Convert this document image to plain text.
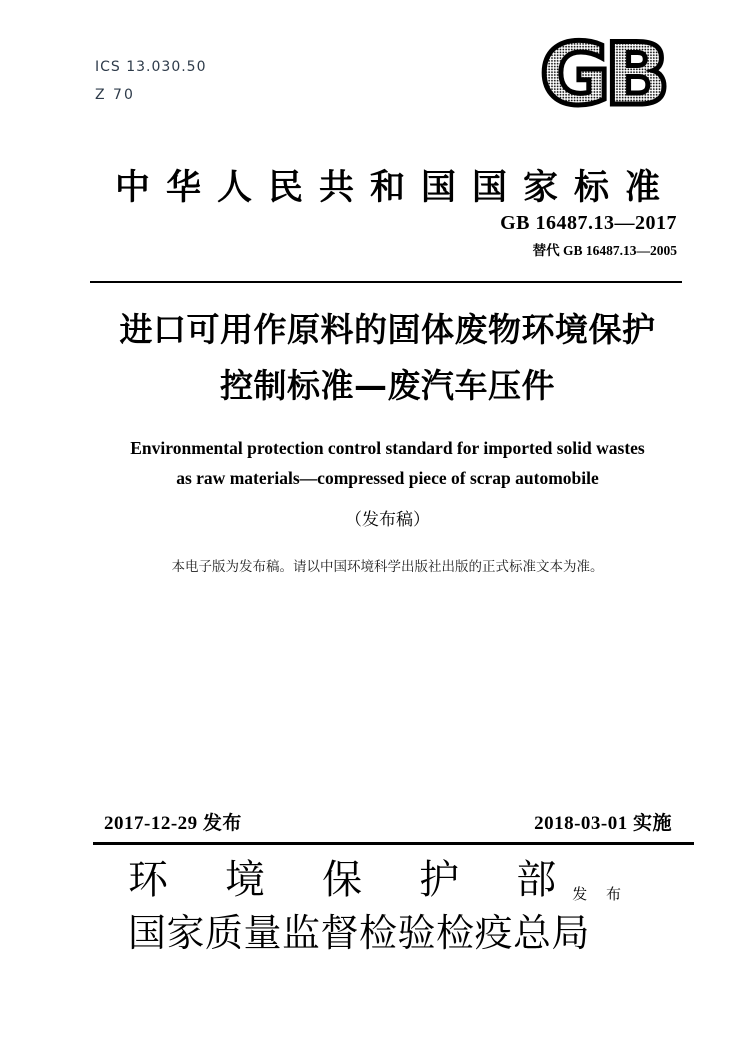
ICS 13.030.50
Z 70	GB
中华人民共和国国家标准
GB 16487.13—2017
替代 GB 16487.13—2005
进口可用作原料的固体废物环境保护
控制标准—废汽车压件
Environmental protection control standard for imported solid wastes
as raw materials—compressed piece of scrap automobile
（发布稿）
本电子版为发布稿。请以中国环境科学出版社出版的正式标准文本为准。
2017-12-29 发布	2018-03-01 实施
环 境 保 护 部 发 布
国家质量监督检验检疫总局
